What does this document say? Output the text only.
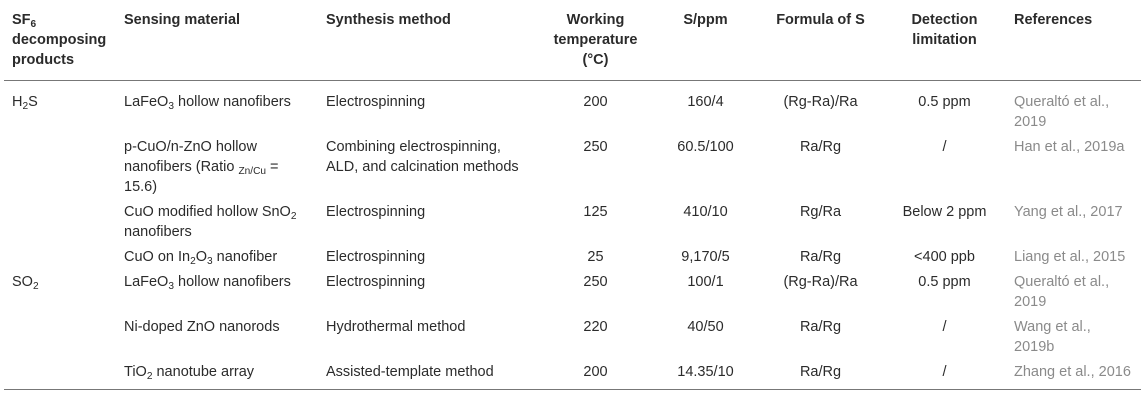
$SF_6$ decomposing products	Sensing material	Synthesis method	Working temperature (°C)	S/ppm	Formula of S	Detection limitation	References
$H_2S$	LaFeO$_3$ hollow nanofibers	Electrospinning	200	160/4	(Rg-Ra)/Ra	0.5 ppm	Queraltó et al., 2019
	p-CuO/n-ZnO hollow nanofibers (Ratio $_{Zn/Cu}$ = 15.6)	Combining electrospinning, ALD, and calcination methods	250	60.5/100	Ra/Rg	/	Han et al., 2019a
	CuO modified hollow SnO$_2$ nanofibers	Electrospinning	125	410/10	Rg/Ra	Below 2 ppm	Yang et al., 2017
	CuO on $In_2O_3$ nanofiber	Electrospinning	25	9,170/5	Ra/Rg	<400 ppb	Liang et al., 2015
$SO_2$	LaFeO$_3$ hollow nanofibers	Electrospinning	250	100/1	(Rg-Ra)/Ra	0.5 ppm	Queraltó et al., 2019
	Ni-doped ZnO nanorods	Hydrothermal method	220	40/50	Ra/Rg	/	Wang et al., 2019b
	TiO$_2$ nanotube array	Assisted-template method	200	14.35/10	Ra/Rg	/	Zhang et al., 2016
